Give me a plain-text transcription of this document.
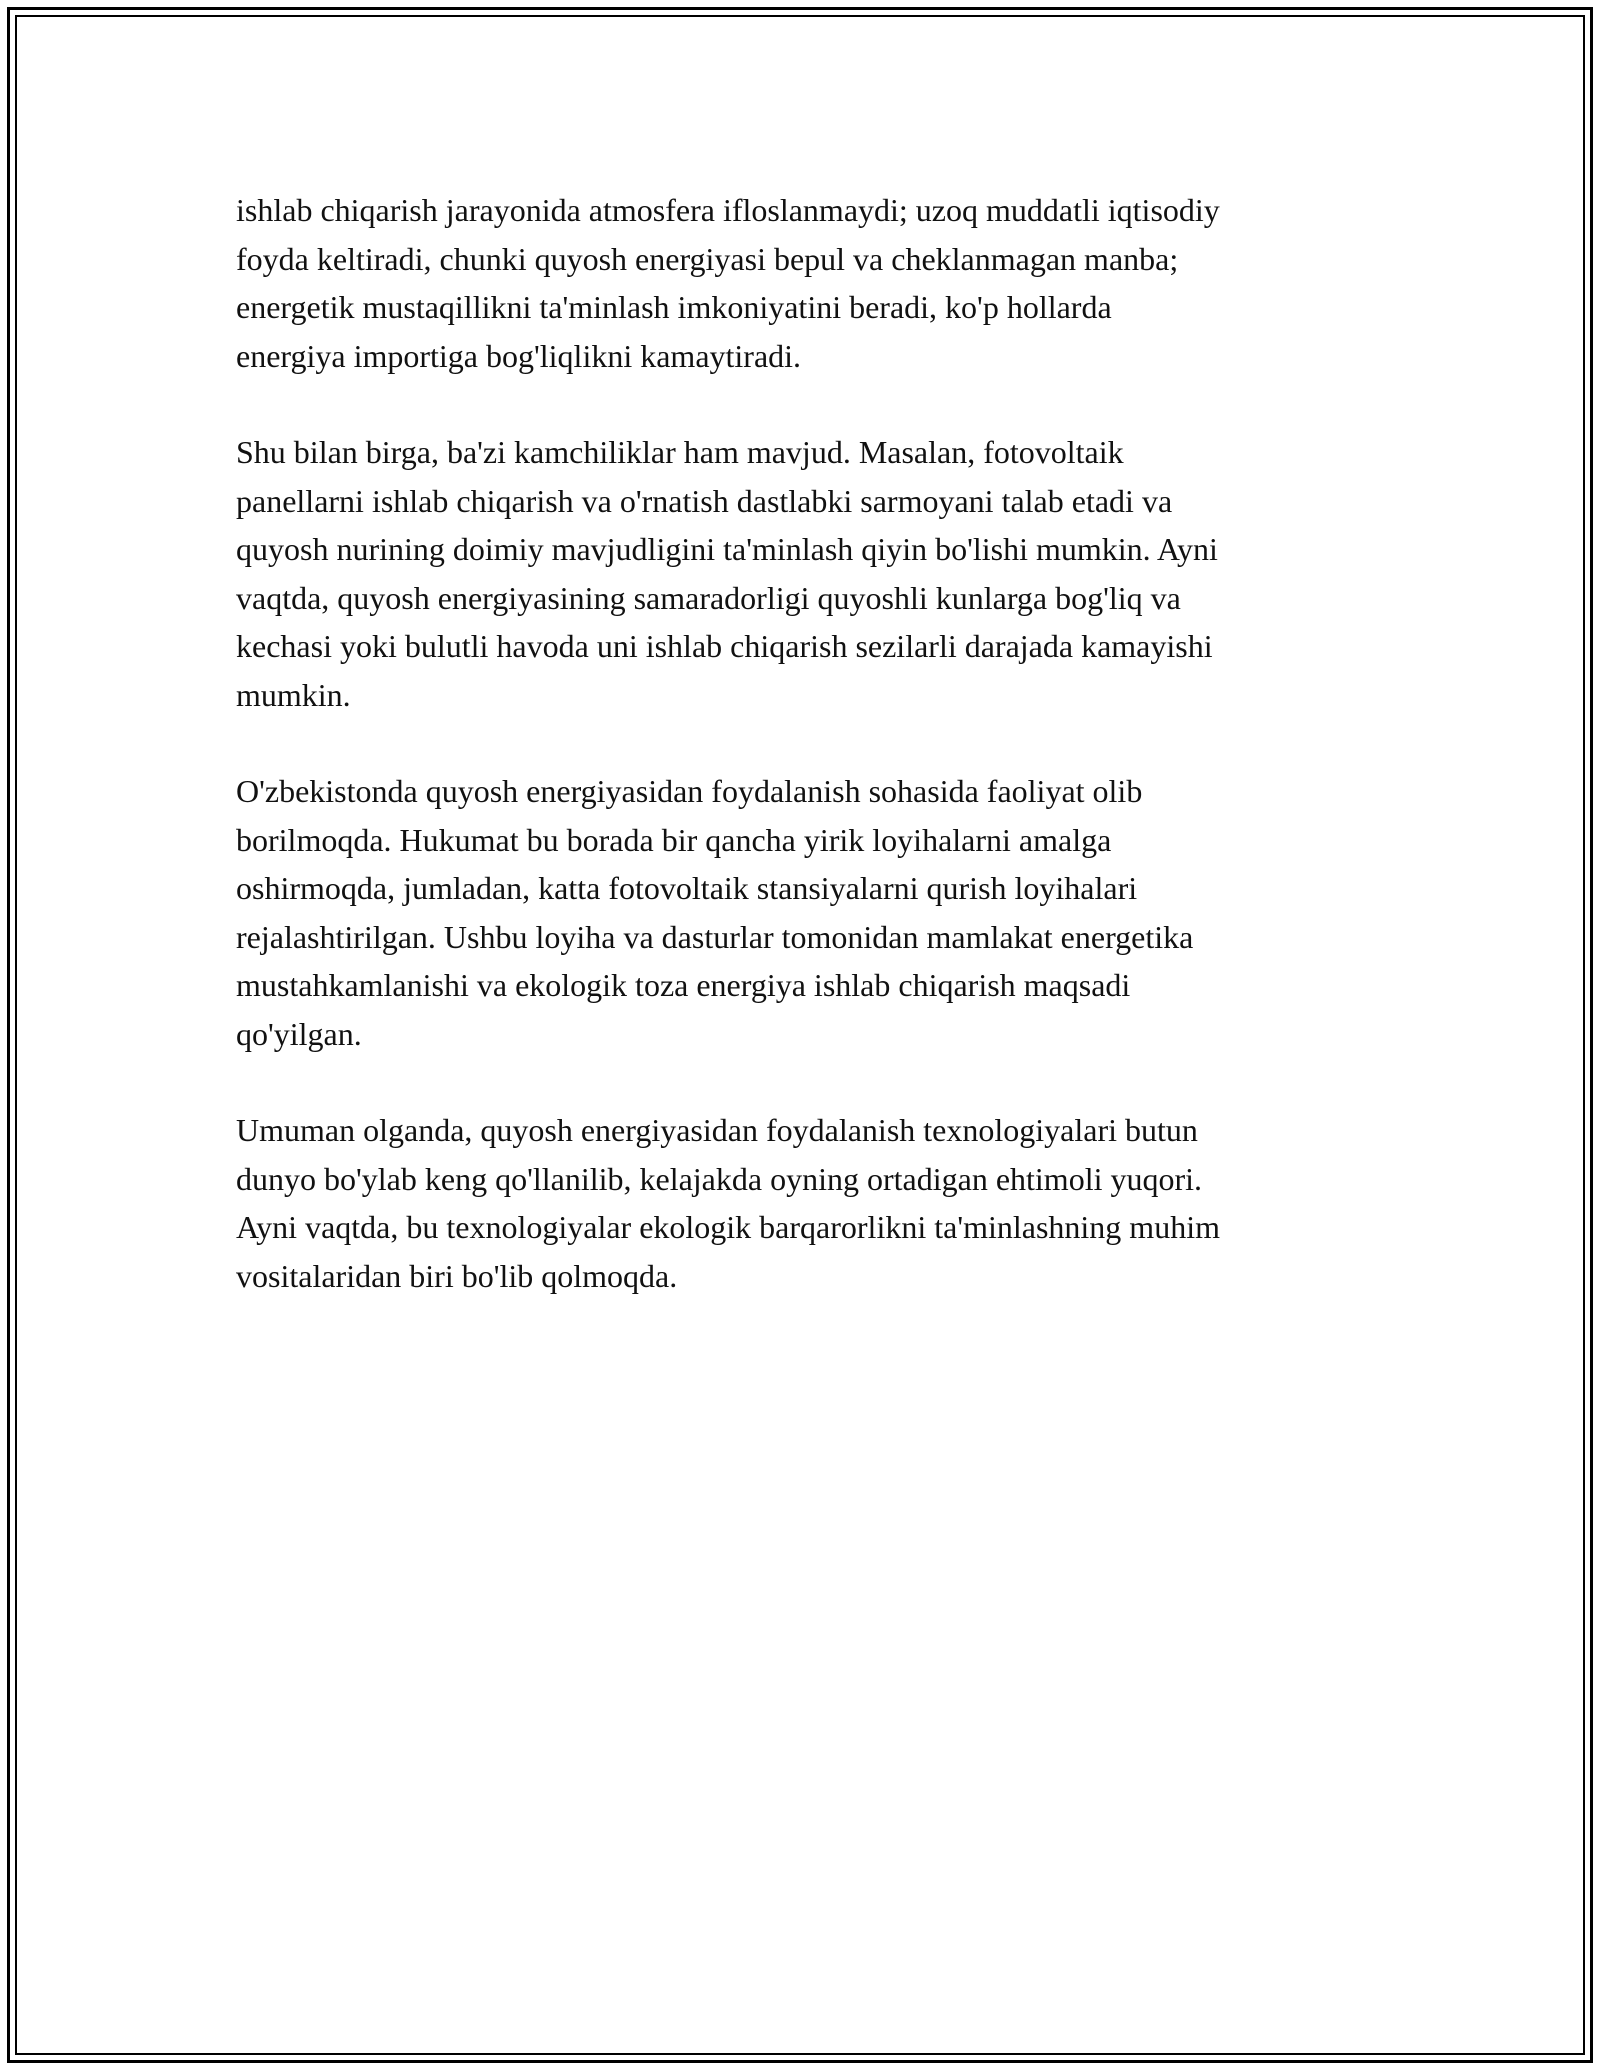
ishlab chiqarish jarayonida atmosfera ifloslanmaydi; uzoq muddatli iqtisodiy
foyda keltiradi, chunki quyosh energiyasi bepul va cheklanmagan manba;
energetik mustaqillikni ta'minlash imkoniyatini beradi, ko'p hollarda
energiya importiga bog'liqlikni kamaytiradi.

Shu bilan birga, ba'zi kamchiliklar ham mavjud. Masalan, fotovoltaik
panellarni ishlab chiqarish va o'rnatish dastlabki sarmoyani talab etadi va
quyosh nurining doimiy mavjudligini ta'minlash qiyin bo'lishi mumkin. Ayni
vaqtda, quyosh energiyasining samaradorligi quyoshli kunlarga bog'liq va
kechasi yoki bulutli havoda uni ishlab chiqarish sezilarli darajada kamayishi
mumkin.

O'zbekistonda quyosh energiyasidan foydalanish sohasida faoliyat olib
borilmoqda. Hukumat bu borada bir qancha yirik loyihalarni amalga
oshirmoqda, jumladan, katta fotovoltaik stansiyalarni qurish loyihalari
rejalashtirilgan. Ushbu loyiha va dasturlar tomonidan mamlakat energetika
mustahkamlanishi va ekologik toza energiya ishlab chiqarish maqsadi
qo'yilgan.

Umuman olganda, quyosh energiyasidan foydalanish texnologiyalari butun
dunyo bo'ylab keng qo'llanilib, kelajakda oyning ortadigan ehtimoli yuqori.
Ayni vaqtda, bu texnologiyalar ekologik barqarorlikni ta'minlashning muhim
vositalaridan biri bo'lib qolmoqda.
